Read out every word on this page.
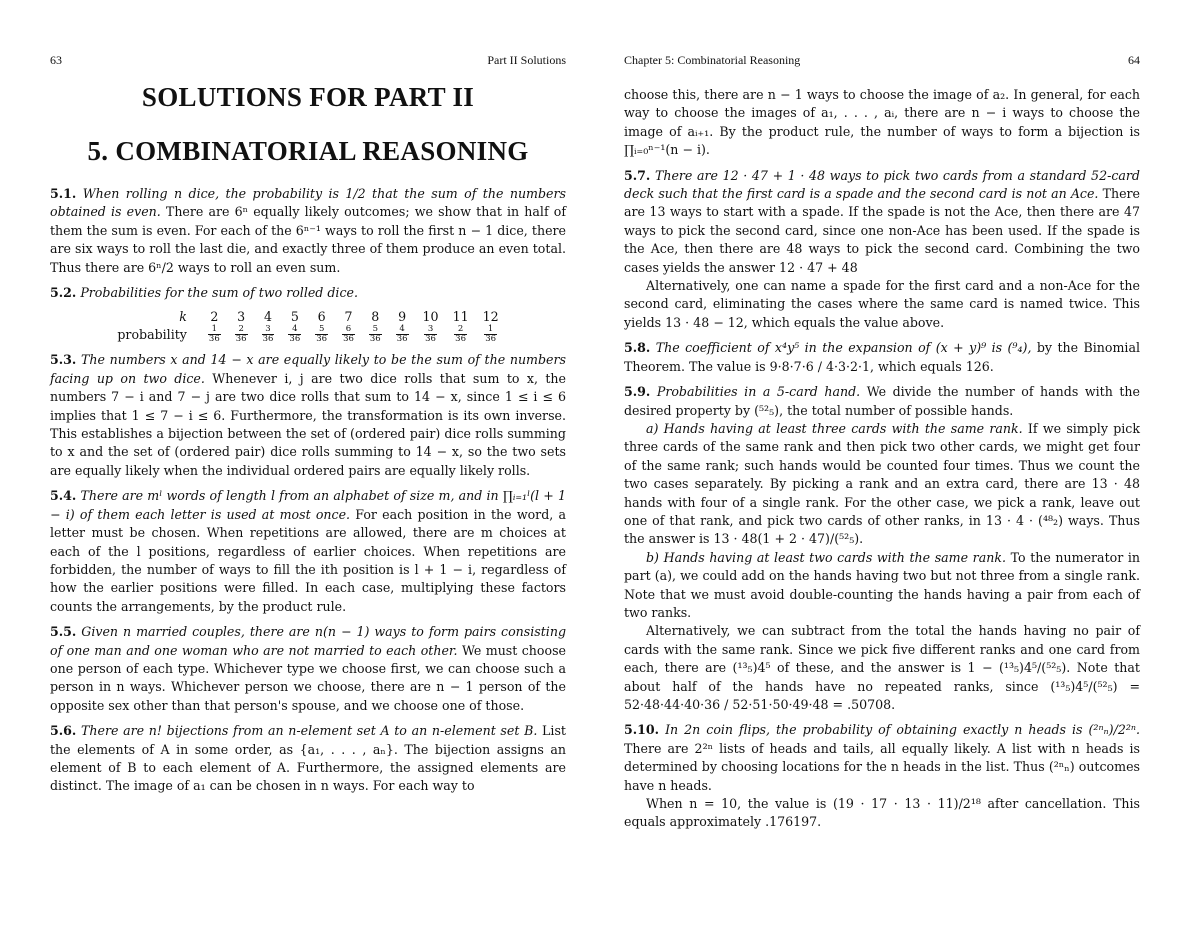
63	Part II Solutions
SOLUTIONS FOR PART II
5. COMBINATORIAL REASONING

5.1. When rolling n dice, the probability is 1/2 that the sum of the numbers obtained is even. There are 6ⁿ equally likely outcomes; we show that in half of them the sum is even. For each of the 6ⁿ⁻¹ ways to roll the first n − 1 dice, there are six ways to roll the last die, and exactly three of them produce an even total. Thus there are 6ⁿ/2 ways to roll an even sum.

5.2. Probabilities for the sum of two rolled dice.

k	2	3	4	5	6	7	8	9	10	11	12
probability	$\frac{1}{36}$	$\frac{2}{36}$	$\frac{3}{36}$	$\frac{4}{36}$	$\frac{5}{36}$	$\frac{6}{36}$	$\frac{5}{36}$	$\frac{4}{36}$	$\frac{3}{36}$	$\frac{2}{36}$	$\frac{1}{36}$

5.3. The numbers x and 14 − x are equally likely to be the sum of the numbers facing up on two dice. Whenever i, j are two dice rolls that sum to x, the numbers 7 − i and 7 − j are two dice rolls that sum to 14 − x, since 1 ≤ i ≤ 6 implies that 1 ≤ 7 − i ≤ 6. Furthermore, the transformation is its own inverse. This establishes a bijection between the set of (ordered pair) dice rolls summing to x and the set of (ordered pair) dice rolls summing to 14 − x, so the two sets are equally likely when the individual ordered pairs are equally likely rolls.

5.4. There are mˡ words of length l from an alphabet of size m, and in ∏ᵢ₌₁ˡ(l + 1 − i) of them each letter is used at most once. For each position in the word, a letter must be chosen. When repetitions are allowed, there are m choices at each of the l positions, regardless of earlier choices. When repetitions are forbidden, the number of ways to fill the ith position is l + 1 − i, regardless of how the earlier positions were filled. In each case, multiplying these factors counts the arrangements, by the product rule.

5.5. Given n married couples, there are n(n − 1) ways to form pairs consisting of one man and one woman who are not married to each other. We must choose one person of each type. Whichever type we choose first, we can choose such a person in n ways. Whichever person we choose, there are n − 1 person of the opposite sex other than that person's spouse, and we choose one of those.

5.6. There are n! bijections from an n-element set A to an n-element set B. List the elements of A in some order, as {a₁, . . . , aₙ}. The bijection assigns an element of B to each element of A. Furthermore, the assigned elements are distinct. The image of a₁ can be chosen in n ways. For each way to

Chapter 5: Combinatorial Reasoning	64

choose this, there are n − 1 ways to choose the image of a₂. In general, for each way to choose the images of a₁, . . . , aᵢ, there are n − i ways to choose the image of aᵢ₊₁. By the product rule, the number of ways to form a bijection is ∏ᵢ₌₀ⁿ⁻¹(n − i).

5.7. There are 12 · 47 + 1 · 48 ways to pick two cards from a standard 52-card deck such that the first card is a spade and the second card is not an Ace. There are 13 ways to start with a spade. If the spade is not the Ace, then there are 47 ways to pick the second card, since one non-Ace has been used. If the spade is the Ace, then there are 48 ways to pick the second card. Combining the two cases yields the answer 12 · 47 + 48

Alternatively, one can name a spade for the first card and a non-Ace for the second card, eliminating the cases where the same card is named twice. This yields 13 · 48 − 12, which equals the value above.

5.8. The coefficient of x⁴y⁵ in the expansion of (x + y)⁹ is (⁹₄), by the Binomial Theorem. The value is 9·8·7·6 / 4·3·2·1, which equals 126.

5.9. Probabilities in a 5-card hand. We divide the number of hands with the desired property by (⁵²₅), the total number of possible hands.

a) Hands having at least three cards with the same rank. If we simply pick three cards of the same rank and then pick two other cards, we might get four of the same rank; such hands would be counted four times. Thus we count the two cases separately. By picking a rank and an extra card, there are 13 · 48 hands with four of a single rank. For the other case, we pick a rank, leave out one of that rank, and pick two cards of other ranks, in 13 · 4 · (⁴⁸₂) ways. Thus the answer is 13 · 48(1 + 2 · 47)/(⁵²₅).

b) Hands having at least two cards with the same rank. To the numerator in part (a), we could add on the hands having two but not three from a single rank. Note that we must avoid double-counting the hands having a pair from each of two ranks.

Alternatively, we can subtract from the total the hands having no pair of cards with the same rank. Since we pick five different ranks and one card from each, there are (¹³₅)4⁵ of these, and the answer is 1 − (¹³₅)4⁵/(⁵²₅). Note that about half of the hands have no repeated ranks, since (¹³₅)4⁵/(⁵²₅) = 52·48·44·40·36 / 52·51·50·49·48 = .50708.

5.10. In 2n coin flips, the probability of obtaining exactly n heads is (²ⁿₙ)/2²ⁿ. There are 2²ⁿ lists of heads and tails, all equally likely. A list with n heads is determined by choosing locations for the n heads in the list. Thus (²ⁿₙ) outcomes have n heads.

When n = 10, the value is (19 · 17 · 13 · 11)/2¹⁸ after cancellation. This equals approximately .176197.
